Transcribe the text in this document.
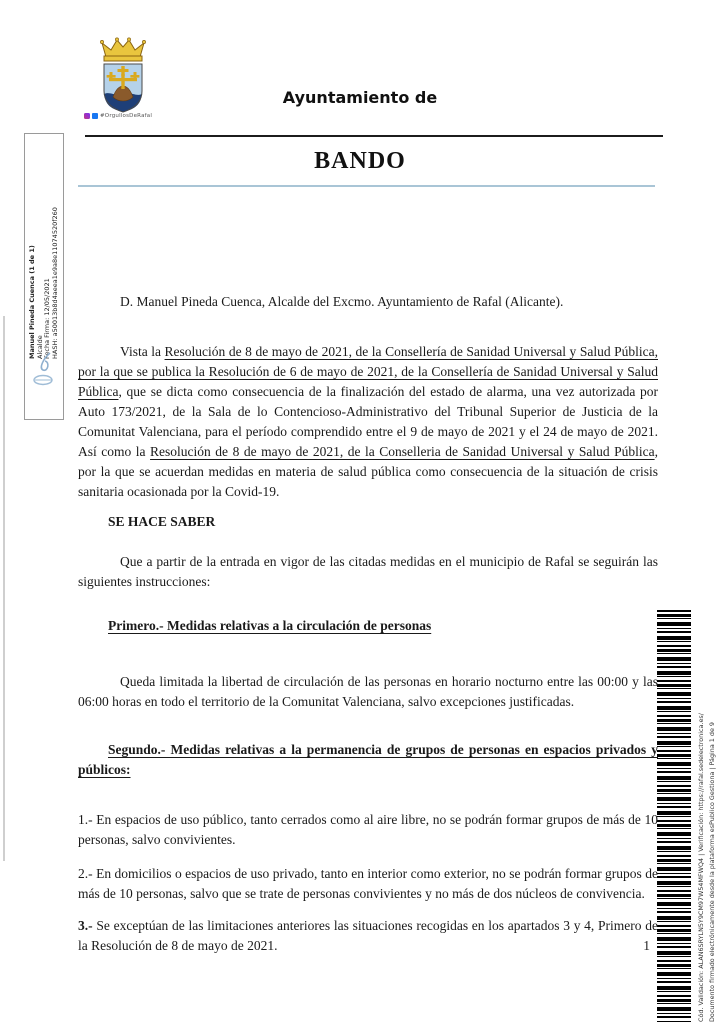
#OrgullosDeRafal
Ayuntamiento de
BANDO
Manuel Pineda Cuenca (1 de 1) Alcalde Fecha Firma: 12/05/2021 HASH: a50013b8d4aeea1e9a8e11074520f260
Cód. Validación: ALAN6SRYLN5Y9CM97W54MFWQ4 | Verificación: https://rafal.sedelectronica.es/ Documento firmado electrónicamente desde la plataforma esPublico Gestiona | Página 1 de 9

D. Manuel Pineda Cuenca, Alcalde del Excmo. Ayuntamiento de Rafal (Alicante).

Vista la Resolución de 8 de mayo de 2021, de la Consellería de Sanidad Universal y Salud Pública, por la que se publica la Resolución de 6 de mayo de 2021, de la Consellería de Sanidad Universal y Salud Pública, que se dicta como consecuencia de la finalización del estado de alarma, una vez autorizada por Auto 173/2021, de la Sala de lo Contencioso-Administrativo del Tribunal Superior de Justicia de la Comunitat Valenciana, para el período comprendido entre el 9 de mayo de 2021 y el 24 de mayo de 2021. Así como la Resolución de 8 de mayo de 2021, de la Conselleria de Sanidad Universal y Salud Pública, por la que se acuerdan medidas en materia de salud pública como consecuencia de la situación de crisis sanitaria ocasionada por la Covid-19.

SE HACE SABER

Que a partir de la entrada en vigor de las citadas medidas en el municipio de Rafal se seguirán las siguientes instrucciones:

Primero.- Medidas relativas a la circulación de personas

Queda limitada la libertad de circulación de las personas en horario nocturno entre las 00:00 y las 06:00 horas en todo el territorio de la Comunitat Valenciana, salvo excepciones justificadas.

Segundo.- Medidas relativas a la permanencia de grupos de personas en espacios privados y públicos:

1.- En espacios de uso público, tanto cerrados como al aire libre, no se podrán formar grupos de más de 10 personas, salvo convivientes.

2.- En domicilios o espacios de uso privado, tanto en interior como exterior, no se podrán formar grupos de más de 10 personas, salvo que se trate de personas convivientes y no más de dos núcleos de convivencia.

3.- Se exceptúan de las limitaciones anteriores las situaciones recogidas en los apartados 3 y 4, Primero de la Resolución de 8 de mayo de 2021.	1
